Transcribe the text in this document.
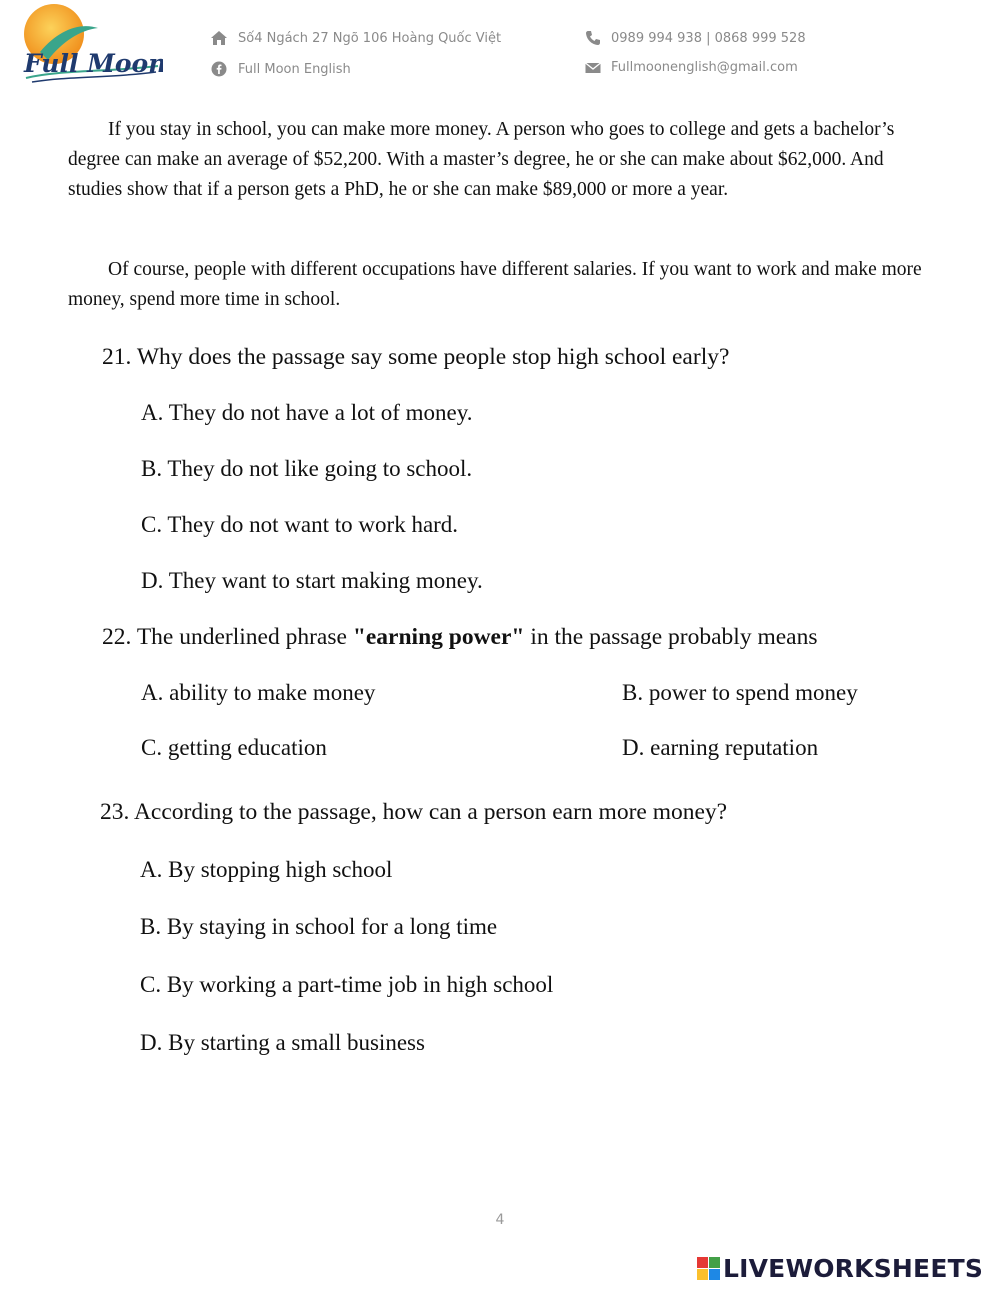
Full Moon
Số4 Ngách 27 Ngõ 106 Hoàng Quốc Việt
Full Moon English
0989 994 938 | 0868 999 528
Fullmoonenglish@gmail.com

If you stay in school, you can make more money. A person who goes to college and gets a bachelor’s degree can make an average of $52,200. With a master’s degree, he or she can make about $62,000. And studies show that if a person gets a PhD, he or she can make $89,000 or more a year.

Of course, people with different occupations have different salaries. If you want to work and make more money, spend more time in school.

21. Why does the passage say some people stop high school early?
A. They do not have a lot of money.
B. They do not like going to school.
C. They do not want to work hard.
D. They want to start making money.
22. The underlined phrase "earning power" in the passage probably means
A. ability to make money	B. power to spend money
C. getting education	D. earning reputation
23. According to the passage, how can a person earn more money?
A. By stopping high school
B. By staying in school for a long time
C. By working a part-time job in high school
D. By starting a small business
4
LIVEWORKSHEETS
